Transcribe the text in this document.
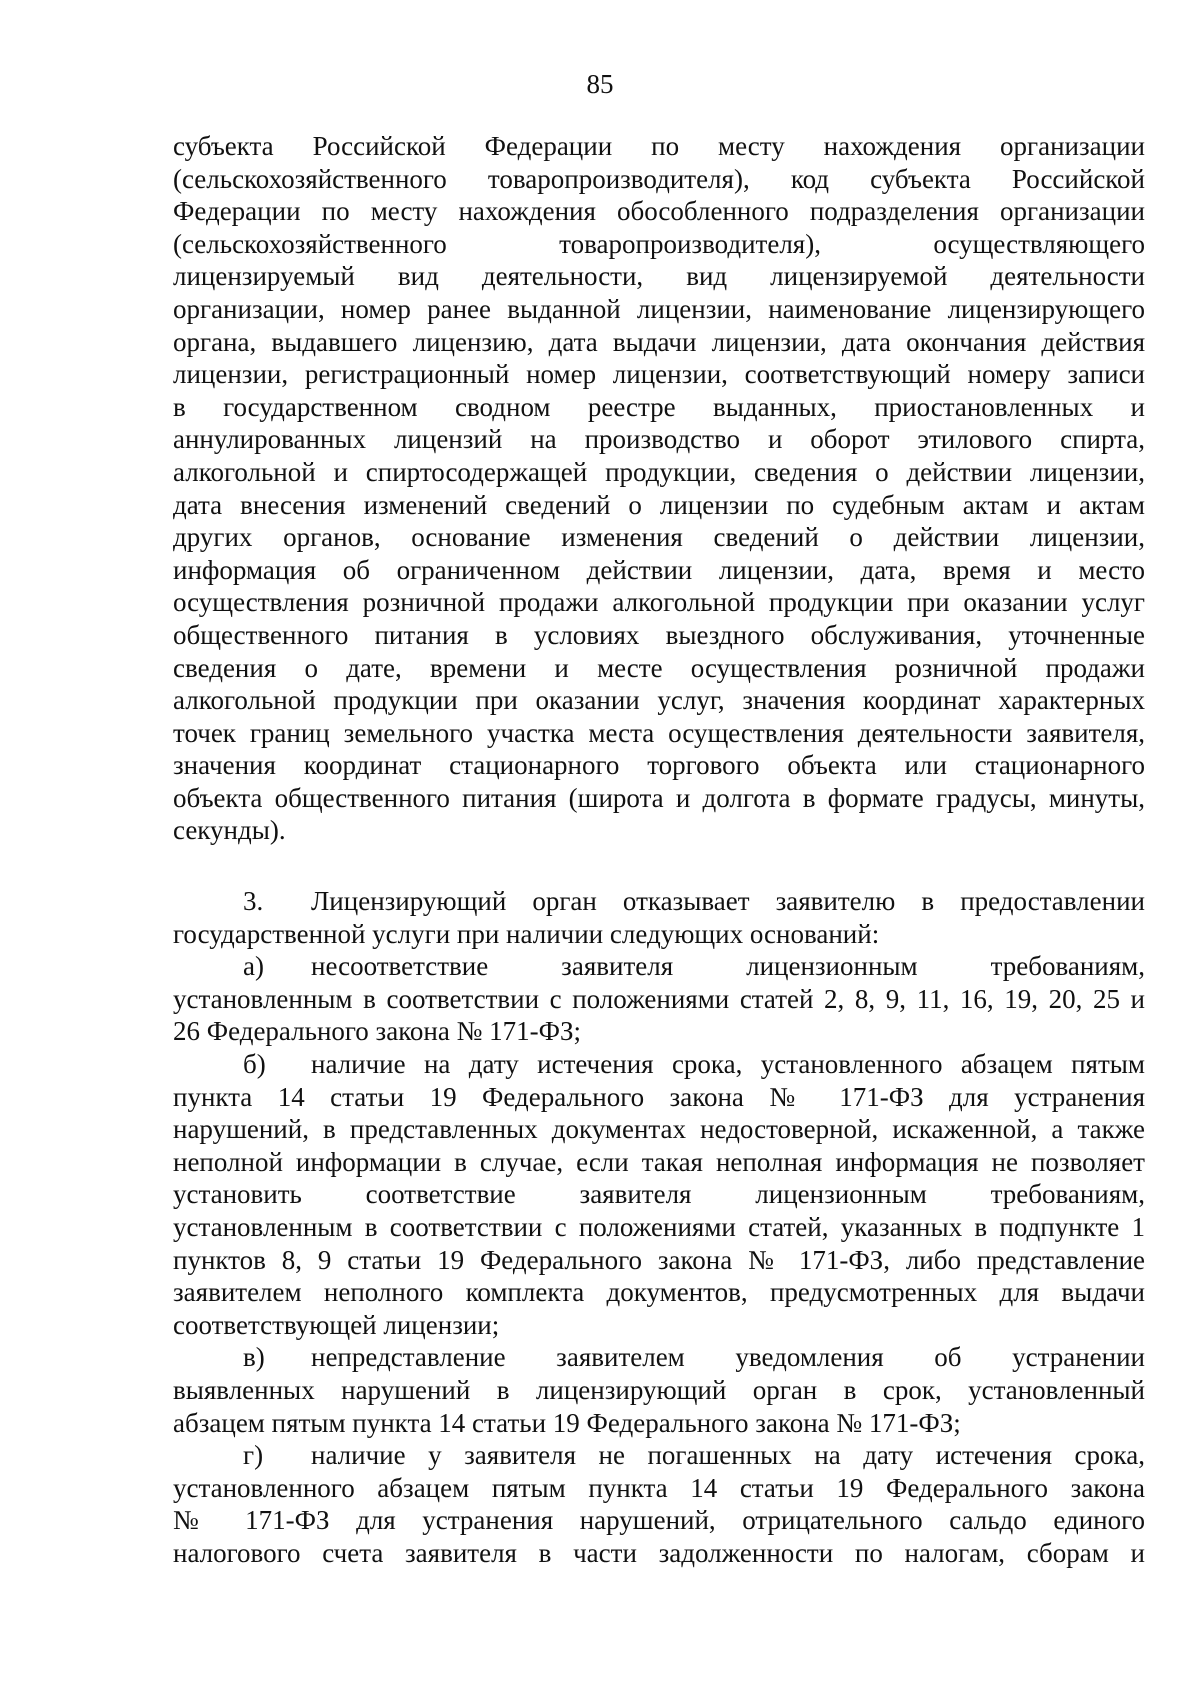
85
субъекта Российской Федерации по месту нахождения организации
(сельскохозяйственного товаропроизводителя), код субъекта Российской
Федерации по месту нахождения обособленного подразделения организации
(сельскохозяйственного товаропроизводителя), осуществляющего
лицензируемый вид деятельности, вид лицензируемой деятельности
организации, номер ранее выданной лицензии, наименование лицензирующего
органа, выдавшего лицензию, дата выдачи лицензии, дата окончания действия
лицензии, регистрационный номер лицензии, соответствующий номеру записи
в государственном сводном реестре выданных, приостановленных и
аннулированных лицензий на производство и оборот этилового спирта,
алкогольной и спиртосодержащей продукции, сведения о действии лицензии,
дата внесения изменений сведений о лицензии по судебным актам и актам
других органов, основание изменения сведений о действии лицензии,
информация об ограниченном действии лицензии, дата, время и место
осуществления розничной продажи алкогольной продукции при оказании услуг
общественного питания в условиях выездного обслуживания, уточненные
сведения о дате, времени и месте осуществления розничной продажи
алкогольной продукции при оказании услуг, значения координат характерных
точек границ земельного участка места осуществления деятельности заявителя,
значения координат стационарного торгового объекта или стационарного
объекта общественного питания (широта и долгота в формате градусы, минуты,
секунды).
3. Лицензирующий орган отказывает заявителю в предоставлении
государственной услуги при наличии следующих оснований:
а) несоответствие заявителя лицензионным требованиям,
установленным в соответствии с положениями статей 2, 8, 9, 11, 16, 19, 20, 25 и
26 Федерального закона № 171-ФЗ;
б) наличие на дату истечения срока, установленного абзацем пятым
пункта 14 статьи 19 Федерального закона № 171-ФЗ для устранения
нарушений, в представленных документах недостоверной, искаженной, а также
неполной информации в случае, если такая неполная информация не позволяет
установить соответствие заявителя лицензионным требованиям,
установленным в соответствии с положениями статей, указанных в подпункте 1
пунктов 8, 9 статьи 19 Федерального закона № 171-ФЗ, либо представление
заявителем неполного комплекта документов, предусмотренных для выдачи
соответствующей лицензии;
в) непредставление заявителем уведомления об устранении
выявленных нарушений в лицензирующий орган в срок, установленный
абзацем пятым пункта 14 статьи 19 Федерального закона № 171-ФЗ;
г) наличие у заявителя не погашенных на дату истечения срока,
установленного абзацем пятым пункта 14 статьи 19 Федерального закона
№ 171-ФЗ для устранения нарушений, отрицательного сальдо единого
налогового счета заявителя в части задолженности по налогам, сборам и
